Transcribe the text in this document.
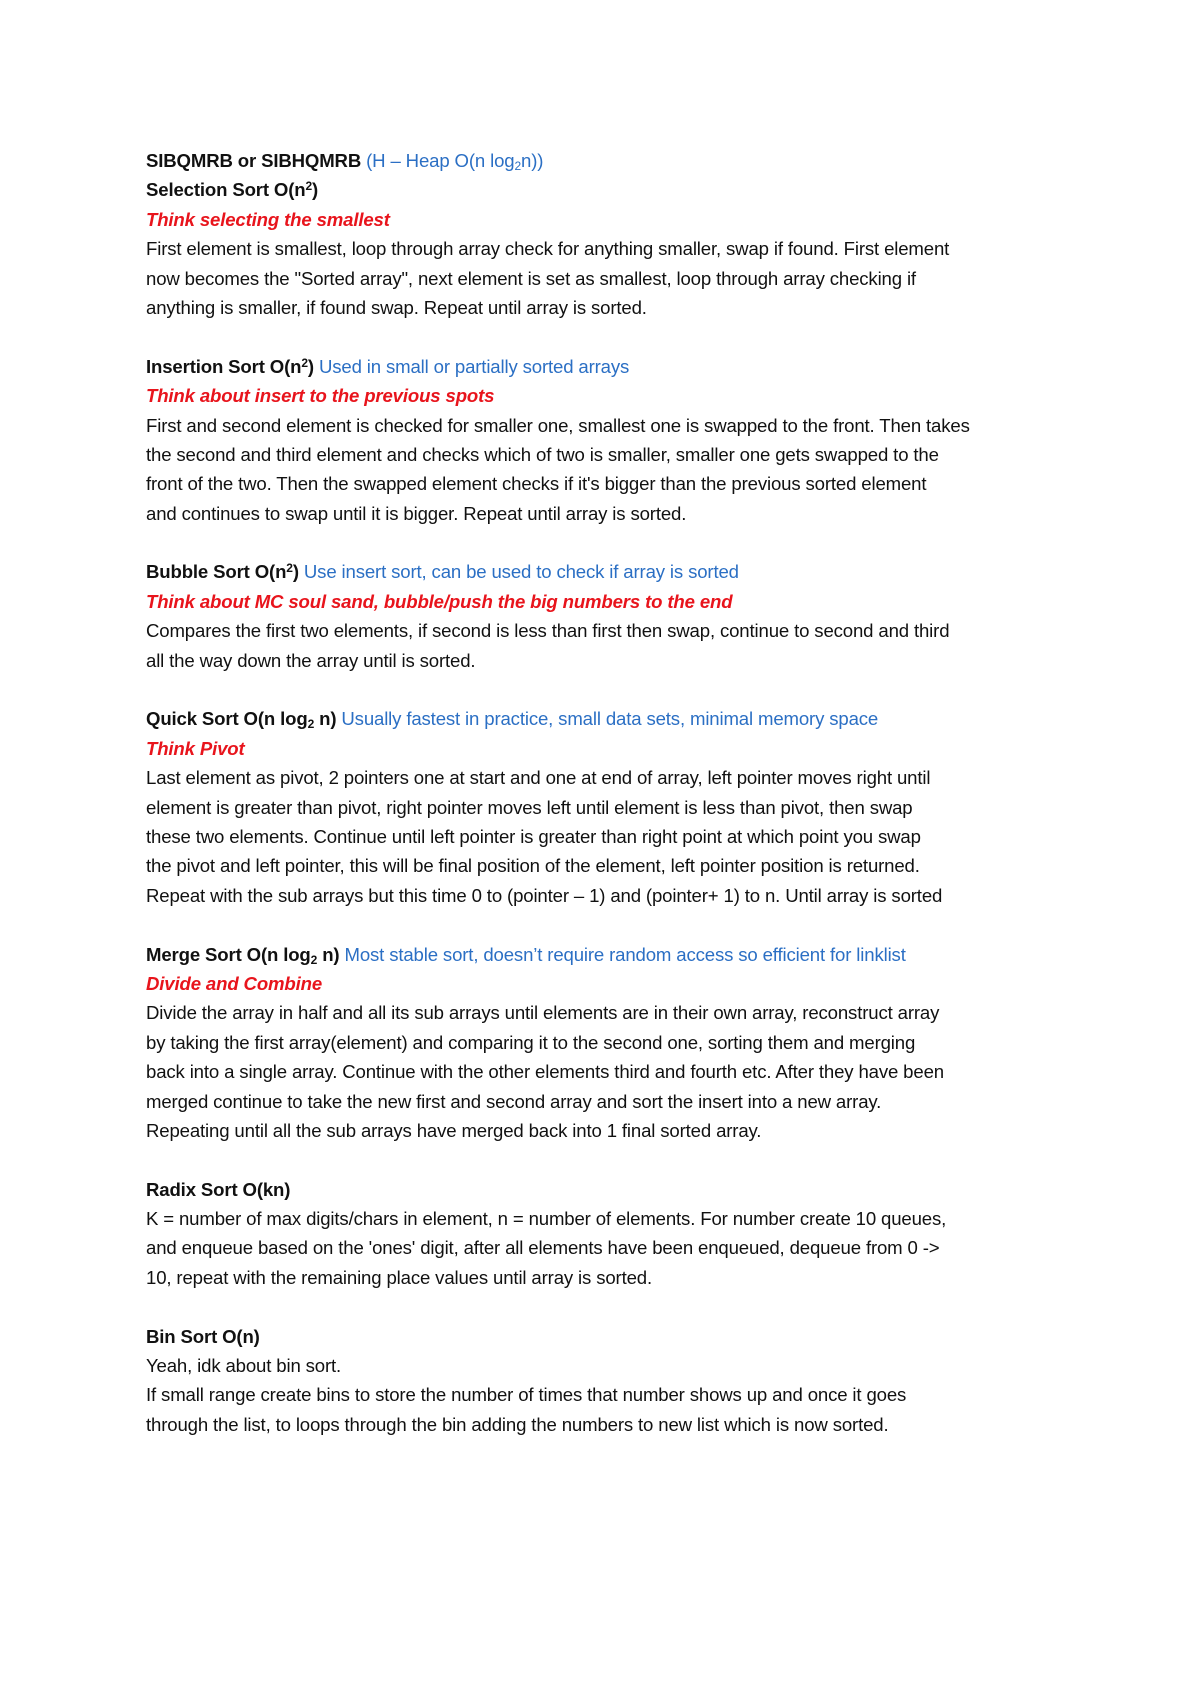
SIBQMRB or SIBHQMRB (H – Heap O(n $\log_2n$))
Selection Sort $O(n^2)$
Think selecting the smallest
First element is smallest, loop through array check for anything smaller, swap if found. First element
now becomes the "Sorted array", next element is set as smallest, loop through array checking if
anything is smaller, if found swap. Repeat until array is sorted.
Insertion Sort $O(n^2)$ Used in small or partially sorted arrays
Think about insert to the previous spots
First and second element is checked for smaller one, smallest one is swapped to the front. Then takes
the second and third element and checks which of two is smaller, smaller one gets swapped to the
front of the two. Then the swapped element checks if it's bigger than the previous sorted element
and continues to swap until it is bigger. Repeat until array is sorted.
Bubble Sort $O(n^2)$ Use insert sort, can be used to check if array is sorted
Think about MC soul sand, bubble/push the big numbers to the end
Compares the first two elements, if second is less than first then swap, continue to second and third
all the way down the array until is sorted.
Quick Sort O(n $\log_2 n$) Usually fastest in practice, small data sets, minimal memory space
Think Pivot
Last element as pivot, 2 pointers one at start and one at end of array, left pointer moves right until
element is greater than pivot, right pointer moves left until element is less than pivot, then swap
these two elements. Continue until left pointer is greater than right point at which point you swap
the pivot and left pointer, this will be final position of the element, left pointer position is returned.
Repeat with the sub arrays but this time 0 to (pointer – 1) and (pointer+ 1) to n. Until array is sorted
Merge Sort O(n $\log_2 n$) Most stable sort, doesn’t require random access so efficient for linklist
Divide and Combine
Divide the array in half and all its sub arrays until elements are in their own array, reconstruct array
by taking the first array(element) and comparing it to the second one, sorting them and merging
back into a single array. Continue with the other elements third and fourth etc. After they have been
merged continue to take the new first and second array and sort the insert into a new array.
Repeating until all the sub arrays have merged back into 1 final sorted array.
Radix Sort O(kn)
K = number of max digits/chars in element, n = number of elements. For number create 10 queues,
and enqueue based on the 'ones' digit, after all elements have been enqueued, dequeue from 0 ->
10, repeat with the remaining place values until array is sorted.
Bin Sort O(n)
Yeah, idk about bin sort.
If small range create bins to store the number of times that number shows up and once it goes
through the list, to loops through the bin adding the numbers to new list which is now sorted.
